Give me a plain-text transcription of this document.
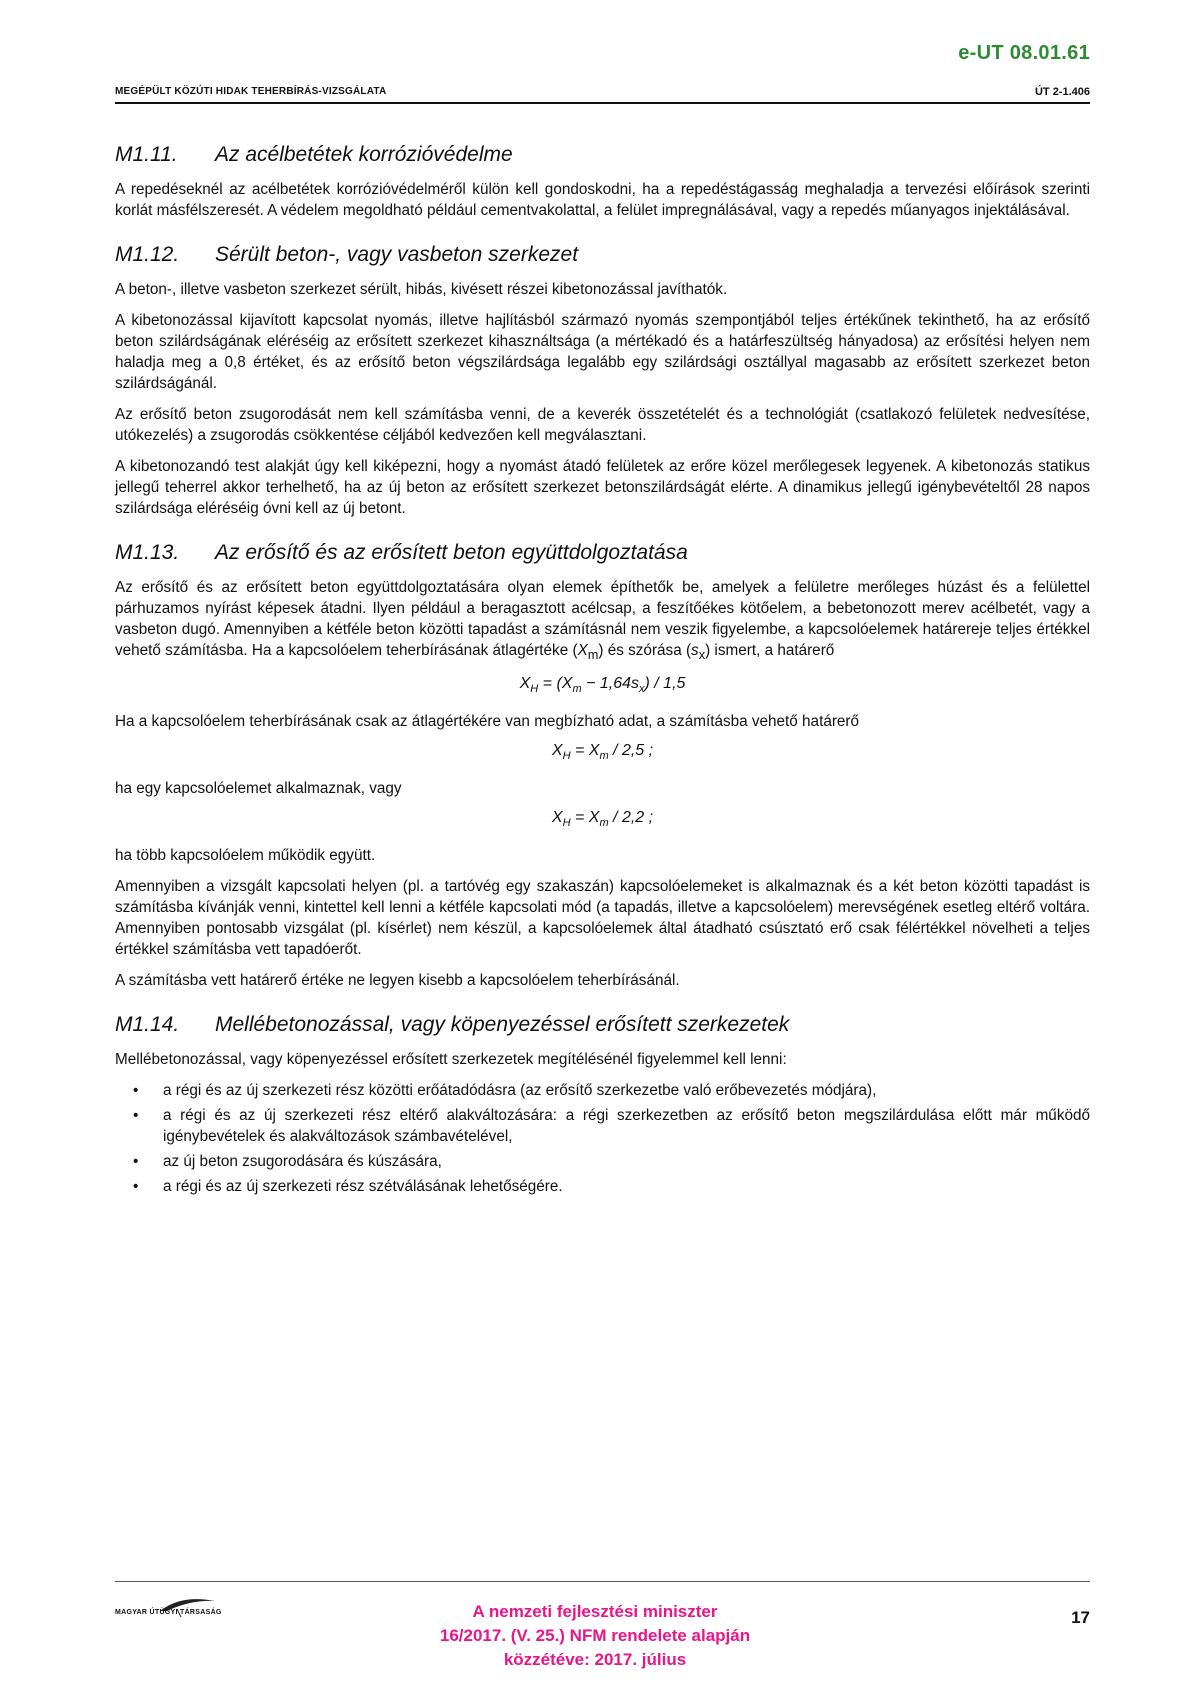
e-UT 08.01.61
MEGÉPÜLT KÖZÚTI HIDAK TEHERBÍRÁS-VIZSGÁLATA	ÚT 2-1.406
M1.11. Az acélbetétek korrózióvédelme

A repedéseknél az acélbetétek korrózióvédelméről külön kell gondoskodni, ha a repedéstágasság meghaladja a tervezési előírások szerinti korlát másfélszeresét. A védelem megoldható például cementvakolattal, a felület impregnálásával, vagy a repedés műanyagos injektálásával.

M1.12. Sérült beton-, vagy vasbeton szerkezet

A beton-, illetve vasbeton szerkezet sérült, hibás, kivésett részei kibetonozással javíthatók.

A kibetonozással kijavított kapcsolat nyomás, illetve hajlításból származó nyomás szempontjából teljes értékűnek tekinthető, ha az erősítő beton szilárdságának eléréséig az erősített szerkezet kihasználtsága (a mértékadó és a határfeszültség hányadosa) az erősítési helyen nem haladja meg a 0,8 értéket, és az erősítő beton végszilárdsága legalább egy szilárdsági osztállyal magasabb az erősített szerkezet beton szilárdságánál.

Az erősítő beton zsugorodását nem kell számításba venni, de a keverék összetételét és a technológiát (csatlakozó felületek nedvesítése, utókezelés) a zsugorodás csökkentése céljából kedvezően kell megválasztani.

A kibetonozandó test alakját úgy kell kiképezni, hogy a nyomást átadó felületek az erőre közel merőlegesek legyenek. A kibetonozás statikus jellegű teherrel akkor terhelhető, ha az új beton az erősített szerkezet betonszilárdságát elérte. A dinamikus jellegű igénybevételtől 28 napos szilárdsága eléréséig óvni kell az új betont.

M1.13. Az erősítő és az erősített beton együttdolgoztatása

Az erősítő és az erősített beton együttdolgoztatására olyan elemek építhetők be, amelyek a felületre merőleges húzást és a felülettel párhuzamos nyírást képesek átadni. Ilyen például a beragasztott acélcsap, a feszítőékes kötőelem, a bebetonozott merev acélbetét, vagy a vasbeton dugó. Amennyiben a kétféle beton közötti tapadást a számításnál nem veszik figyelembe, a kapcsolóelemek határereje teljes értékkel vehető számításba. Ha a kapcsolóelem teherbírásának átlagértéke $(X_m)$ és szórása $(s_x)$ ismert, a határerő

$X_H = (X_m - 1,64s_x) / 1,5$

Ha a kapcsolóelem teherbírásának csak az átlagértékére van megbízható adat, a számításba vehető határerő

$X_H = X_m / 2,5$ ;

ha egy kapcsolóelemet alkalmaznak, vagy

$X_H = X_m / 2,2$ ;

ha több kapcsolóelem működik együtt.

Amennyiben a vizsgált kapcsolati helyen (pl. a tartóvég egy szakaszán) kapcsolóelemeket is alkalmaznak és a két beton közötti tapadást is számításba kívánják venni, kintettel kell lenni a kétféle kapcsolati mód (a tapadás, illetve a kapcsolóelem) merevségének esetleg eltérő voltára. Amennyiben pontosabb vizsgálat (pl. kísérlet) nem készül, a kapcsolóelemek által átadható csúsztató erő csak félértékkel növelheti a teljes értékkel számításba vett tapadóerőt.

A számításba vett határerő értéke ne legyen kisebb a kapcsolóelem teherbírásánál.

M1.14. Mellébetonozással, vagy köpenyezéssel erősített szerkezetek

Mellébetonozással, vagy köpenyezéssel erősített szerkezetek megítélésénél figyelemmel kell lenni:

• a régi és az új szerkezeti rész közötti erőátadódásra (az erősítő szerkezetbe való erőbevezetés módjára),
• a régi és az új szerkezeti rész eltérő alakváltozására: a régi szerkezetben az erősítő beton megszilárdulása előtt már működő igénybevételek és alakváltozások számbavételével,
• az új beton zsugorodására és kúszására,
• a régi és az új szerkezeti rész szétválásának lehetőségére.
MAGYAR ÚTÜGYI TÁRSASÁG	A nemzeti fejlesztési miniszter
16/2017. (V. 25.) NFM rendelete alapján
közzétéve: 2017. július
17
